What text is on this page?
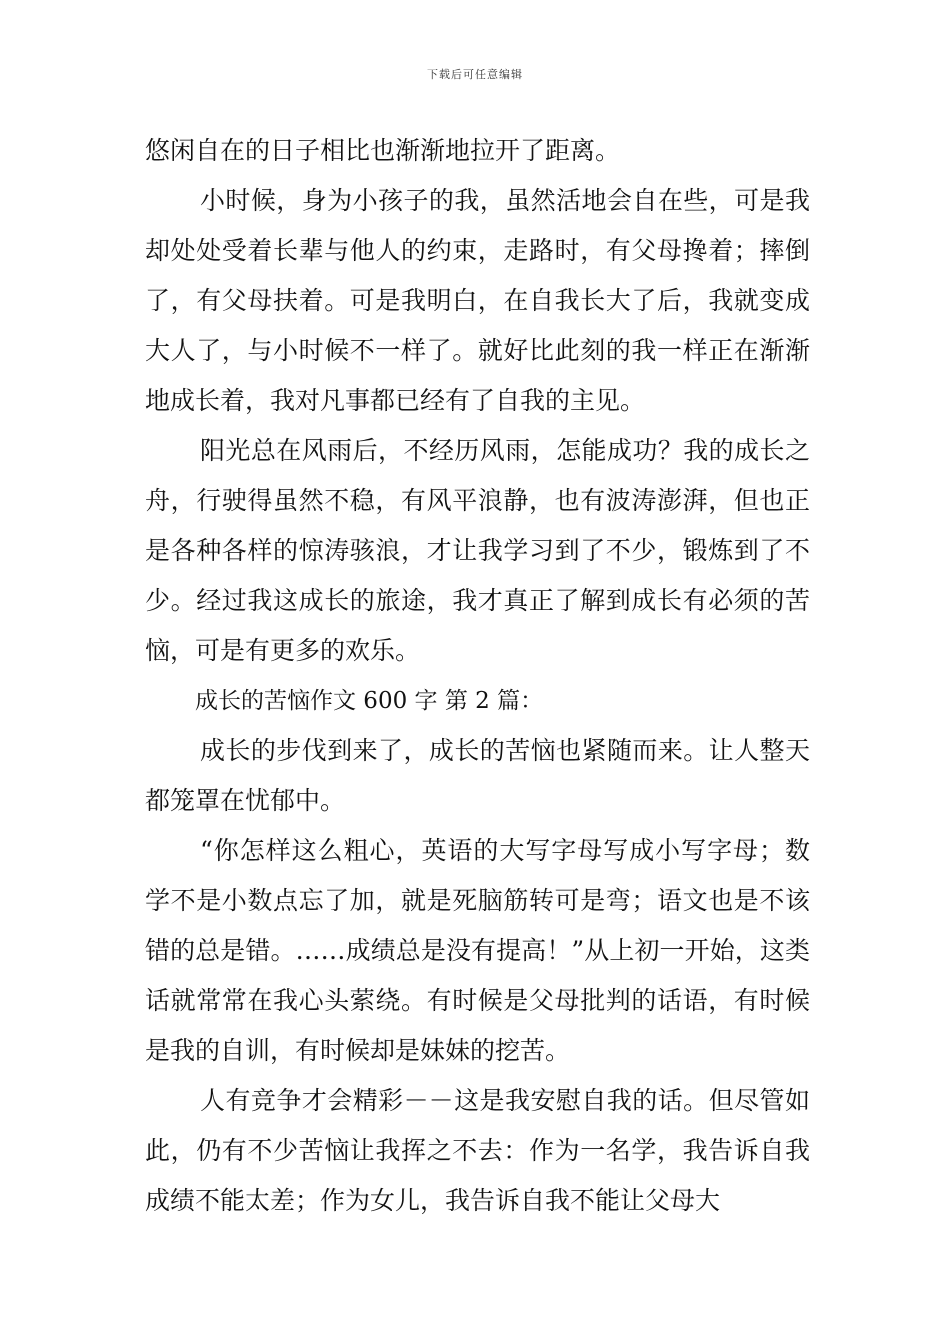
下载后可任意编辑

悠闲自在的日子相比也渐渐地拉开了距离。

小时候，身为小孩子的我，虽然活地会自在些，可是我却处处受着长辈与他人的约束，走路时，有父母搀着；摔倒了，有父母扶着。可是我明白，在自我长大了后，我就变成大人了，与小时候不一样了。就好比此刻的我一样正在渐渐地成长着，我对凡事都已经有了自我的主见。

阳光总在风雨后，不经历风雨，怎能成功？我的成长之舟，行驶得虽然不稳，有风平浪静，也有波涛澎湃，但也正是各种各样的惊涛骇浪，才让我学习到了不少，锻炼到了不少。经过我这成长的旅途，我才真正了解到成长有必须的苦恼，可是有更多的欢乐。

成长的苦恼作文 600 字 第 2 篇：

成长的步伐到来了，成长的苦恼也紧随而来。让人整天都笼罩在忧郁中。

“你怎样这么粗心，英语的大写字母写成小写字母；数学不是小数点忘了加，就是死脑筋转可是弯；语文也是不该错的总是错。……成绩总是没有提高！”从上初一开始，这类话就常常在我心头萦绕。有时候是父母批判的话语，有时候是我的自训，有时候却是妹妹的挖苦。

人有竞争才会精彩－－这是我安慰自我的话。但尽管如此，仍有不少苦恼让我挥之不去：作为一名学，我告诉自我成绩不能太差；作为女儿，我告诉自我不能让父母大
